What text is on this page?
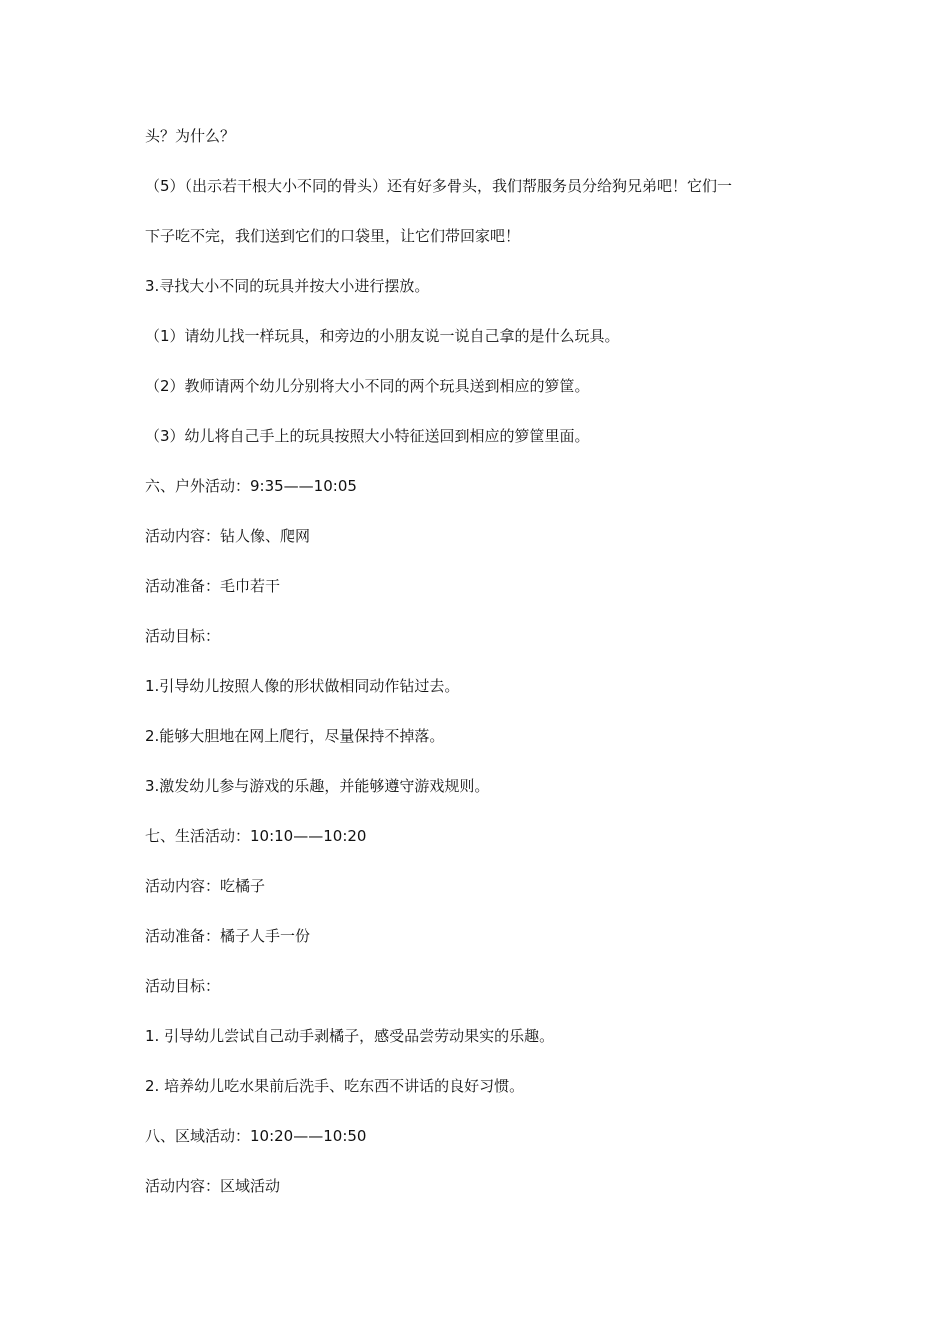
头？为什么？
（5）（出示若干根大小不同的骨头）还有好多骨头，我们帮服务员分给狗兄弟吧！它们一
下子吃不完，我们送到它们的口袋里，让它们带回家吧！
3.寻找大小不同的玩具并按大小进行摆放。
（1）请幼儿找一样玩具，和旁边的小朋友说一说自己拿的是什么玩具。
（2）教师请两个幼儿分别将大小不同的两个玩具送到相应的箩筐。
（3）幼儿将自己手上的玩具按照大小特征送回到相应的箩筐里面。
六、户外活动：9:35——10:05
活动内容：钻人像、爬网
活动准备：毛巾若干
活动目标：
1.引导幼儿按照人像的形状做相同动作钻过去。
2.能够大胆地在网上爬行，尽量保持不掉落。
3.激发幼儿参与游戏的乐趣，并能够遵守游戏规则。
七、生活活动：10:10——10:20
活动内容：吃橘子
活动准备：橘子人手一份
活动目标：
1. 引导幼儿尝试自己动手剥橘子，感受品尝劳动果实的乐趣。
2. 培养幼儿吃水果前后洗手、吃东西不讲话的良好习惯。
八、区域活动：10:20——10:50
活动内容：区域活动
